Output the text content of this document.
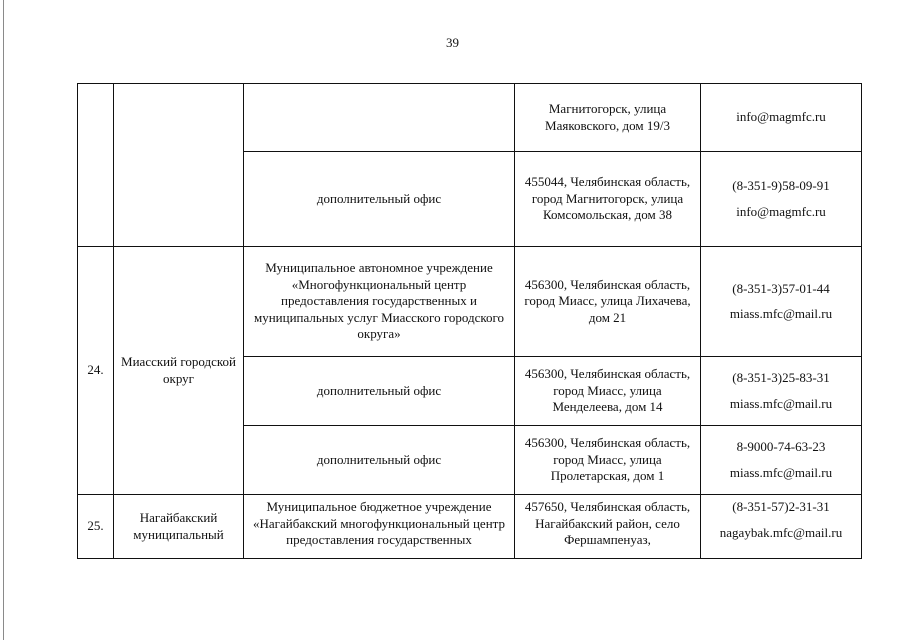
39
			Магнитогорск, улица Маяковского, дом 19/3	info@magmfc.ru

		дополнительный офис	455044, Челябинская область, город Магнитогорск, улица Комсомольская, дом 38	(8-351-9)58-09-91
info@magmfc.ru

24.	Миасский городской округ	Муниципальное автономное учреждение «Многофункциональный центр предоставления государственных и муниципальных услуг Миасского городского округа»	456300, Челябинская область, город Миасс, улица Лихачева, дом 21	(8-351-3)57-01-44
miass.mfc@mail.ru

		дополнительный офис	456300, Челябинская область, город Миасс, улица Менделеева, дом 14	(8-351-3)25-83-31
miass.mfc@mail.ru

		дополнительный офис	456300, Челябинская область, город Миасс, улица Пролетарская, дом 1	8-9000-74-63-23
miass.mfc@mail.ru

25.	Нагайбакский муниципальный	Муниципальное бюджетное учреждение «Нагайбакский многофункциональный центр предоставления государственных	457650, Челябинская область, Нагайбакский район, село Фершампенуаз,	(8-351-57)2-31-31
nagaybak.mfc@mail.ru
